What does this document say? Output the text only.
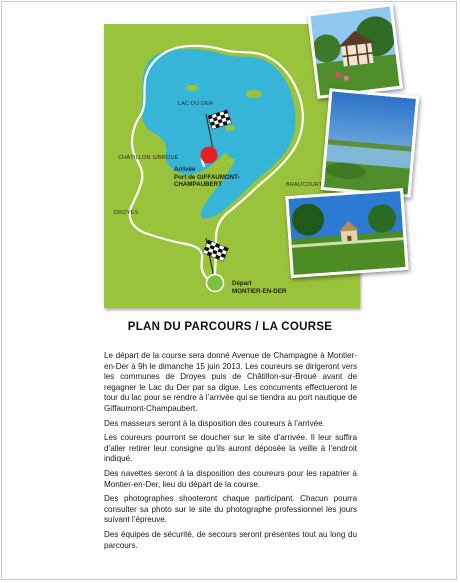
LAC DU DER
CHÂTILLON S/BROUÉ
BRAUCOURT
DROYES
Arrivée
Port de GIFFAUMONT-
CHAMPAUBERT
Départ
MONTIER-EN-DER
PLAN DU PARCOURS / LA COURSE

Le départ de la course sera donné Avenue de Champagne à Montier-en-Der à 9h le dimanche 15 juin 2013. Les coureurs se dirigeront vers les communes de Droyes puis de Châtillon-sur-Broué avant de regagner le Lac du Der par sa digue. Les concurrents effectueront le tour du lac pour se rendre à l’arrivée qui se tiendra au port nautique de Giffaumont-Champaubert.

Des masseurs seront à la disposition des coureurs à l’arrivée.

Les coureurs pourront se doucher sur le site d’arrivée. Il leur suffira d’aller retirer leur consigne qu’ils auront déposée la veille à l’endroit indiqué.

Des navettes seront à la disposition des coureurs pour les rapatrier à Montier-en-Der, lieu du départ de la course.

Des photographes shooteront chaque participant. Chacun pourra consulter sa photo sur le site du photographe professionnel les jours suivant l’épreuve.

Des équipes de sécurité, de secours seront présentes tout au long du parcours.
